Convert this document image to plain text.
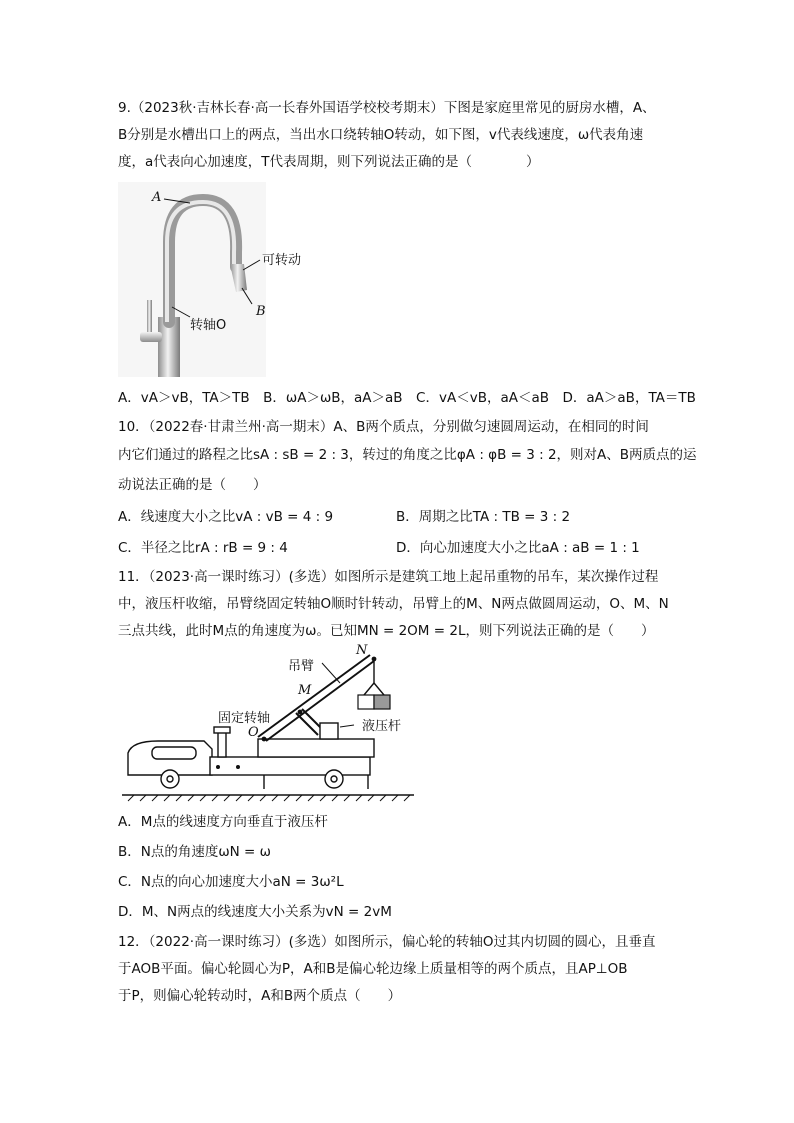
9.（2023秋·吉林长春·高一长春外国语学校校考期末）下图是家庭里常见的厨房水槽，A、
B分别是水槽出口上的两点，当出水口绕转轴O转动，如下图，v代表线速度，ω代表角速
度，a代表向心加速度，T代表周期，则下列说法正确的是（　　　　）
A
可转动
B
转轴O
A．vA＞vB，TA＞TB　B．ωA＞ωB，aA＞aB　C．vA＜vB，aA＜aB　D．aA＞aB，TA＝TB
10．（2022春·甘肃兰州·高一期末）A、B两个质点，分别做匀速圆周运动，在相同的时间
内它们通过的路程之比sA : sB = 2 : 3，转过的角度之比φA : φB = 3 : 2，则对A、B两质点的运
动说法正确的是（　　）
A．线速度大小之比vA : vB = 4 : 9	B．周期之比TA : TB = 3 : 2
C．半径之比rA : rB = 9 : 4	D．向心加速度大小之比aA : aB = 1 : 1
11．（2023·高一课时练习）(多选）如图所示是建筑工地上起吊重物的吊车，某次操作过程
中，液压杆收缩，吊臂绕固定转轴O顺时针转动，吊臂上的M、N两点做圆周运动，O、M、N
三点共线，此时M点的角速度为ω。已知MN = 2OM = 2L，则下列说法正确的是（　　）
吊臂
N
M
固定转轴
O	液压杆
A．M点的线速度方向垂直于液压杆
B．N点的角速度ωN = ω
C．N点的向心加速度大小aN = 3ω²L
D．M、N两点的线速度大小关系为vN = 2vM
12．（2022·高一课时练习）(多选）如图所示，偏心轮的转轴O过其内切圆的圆心，且垂直
于AOB平面。偏心轮圆心为P，A和B是偏心轮边缘上质量相等的两个质点，且AP⊥OB
于P，则偏心轮转动时，A和B两个质点（　　）
